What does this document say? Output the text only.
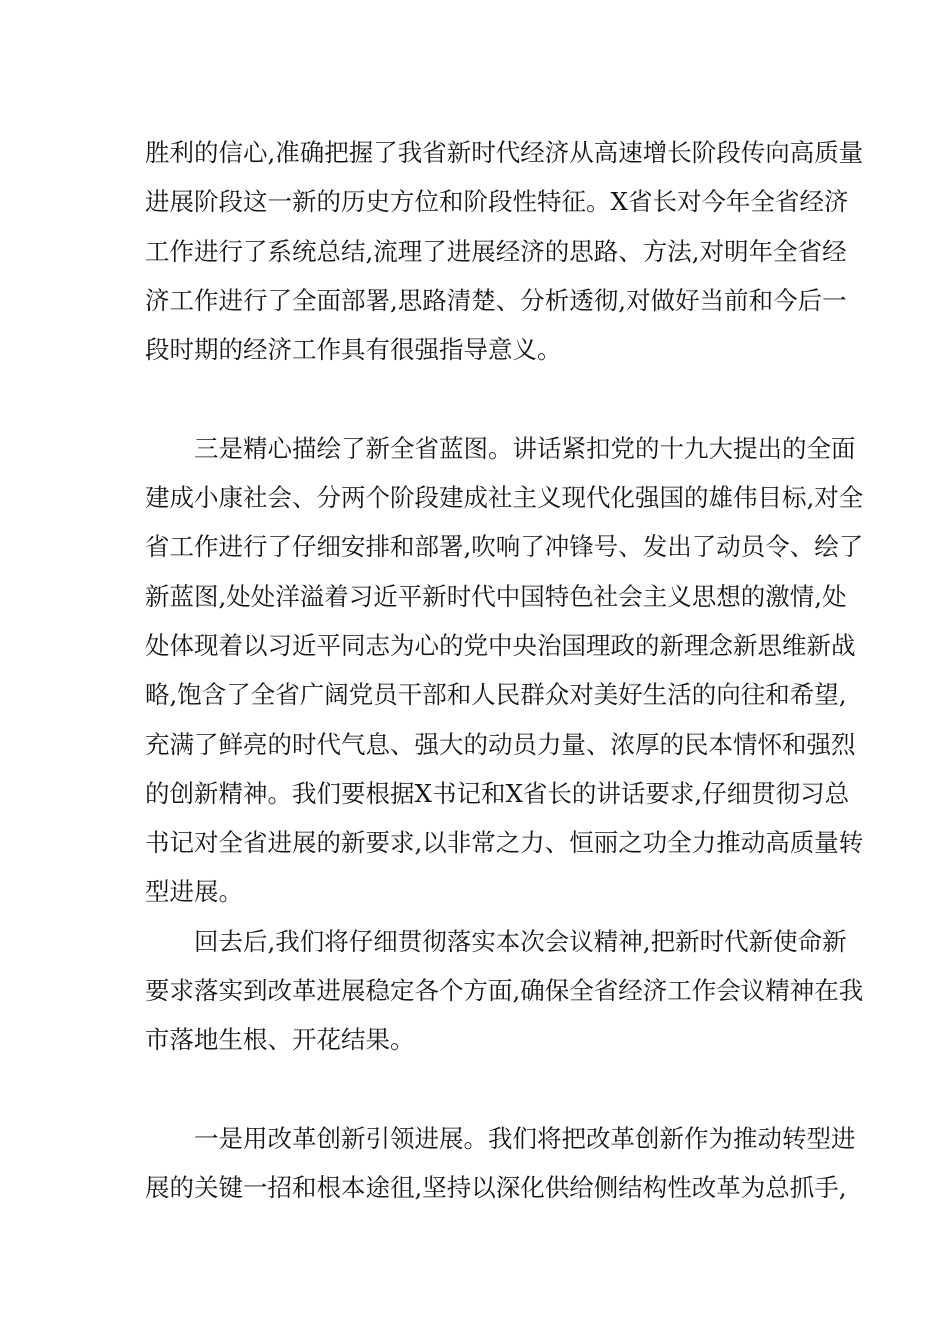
胜利的信心,准确把握了我省新时代经济从高速增长阶段传向高质量
进展阶段这一新的历史方位和阶段性特征。X省长对今年全省经济
工作进行了系统总结,流理了进展经济的思路、方法,对明年全省经
济工作进行了全面部署,思路清楚、分析透彻,对做好当前和今后一
段时期的经济工作具有很强指导意义。
三是精心描绘了新全省蓝图。讲话紧扣党的十九大提出的全面
建成小康社会、分两个阶段建成社主义现代化强国的雄伟目标,对全
省工作进行了仔细安排和部署,吹响了冲锋号、发出了动员令、绘了
新蓝图,处处洋溢着习近平新时代中国特色社会主义思想的激情,处
处体现着以习近平同志为心的党中央治国理政的新理念新思维新战
略,饱含了全省广阔党员干部和人民群众对美好生活的向往和希望,
充满了鲜亮的时代气息、强大的动员力量、浓厚的民本情怀和强烈
的创新精神。我们要根据X书记和X省长的讲话要求,仔细贯彻习总
书记对全省进展的新要求,以非常之力、恒丽之功全力推动高质量转
型进展。
回去后,我们将仔细贯彻落实本次会议精神,把新时代新使命新
要求落实到改革进展稳定各个方面,确保全省经济工作会议精神在我
市落地生根、开花结果。
一是用改革创新引领进展。我们将把改革创新作为推动转型进
展的关键一招和根本途徂,坚持以深化供给侧结构性改革为总抓手,
